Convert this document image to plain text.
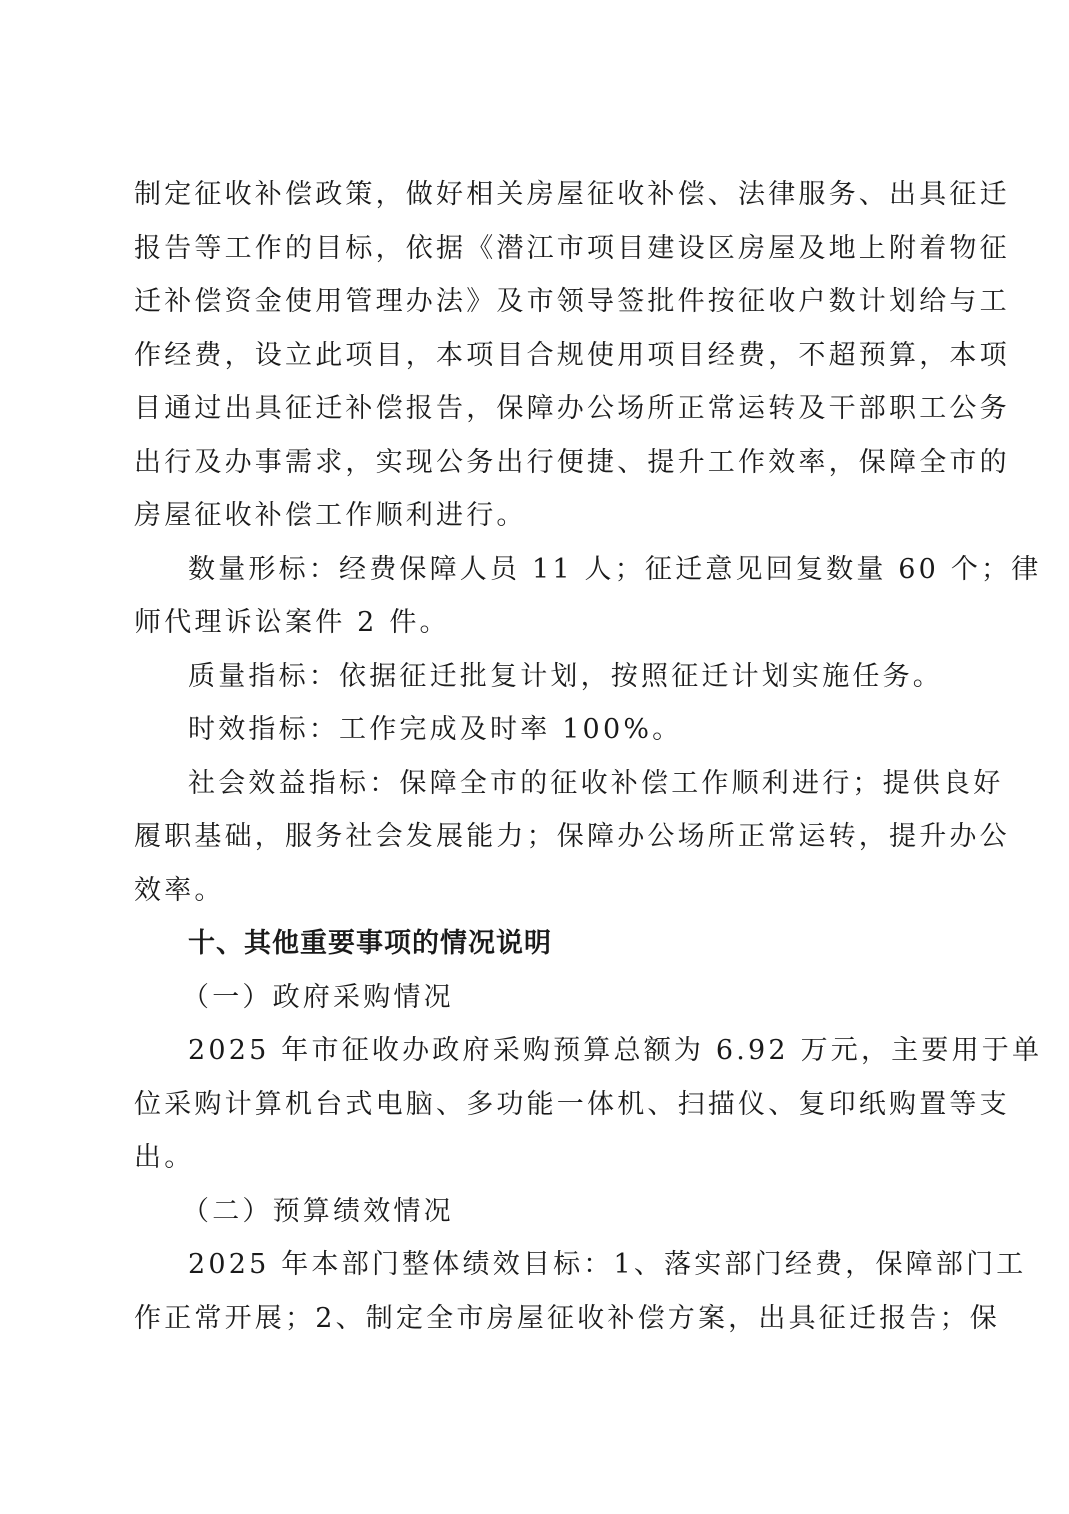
制定征收补偿政策，做好相关房屋征收补偿、法律服务、出具征迁
报告等工作的目标，依据《潜江市项目建设区房屋及地上附着物征
迁补偿资金使用管理办法》及市领导签批件按征收户数计划给与工
作经费，设立此项目，本项目合规使用项目经费，不超预算，本项
目通过出具征迁补偿报告，保障办公场所正常运转及干部职工公务
出行及办事需求，实现公务出行便捷、提升工作效率，保障全市的
房屋征收补偿工作顺利进行。
数量形标：经费保障人员 11 人；征迁意见回复数量 60 个；律
师代理诉讼案件 2 件。
质量指标：依据征迁批复计划，按照征迁计划实施任务。
时效指标：工作完成及时率 100%。
社会效益指标：保障全市的征收补偿工作顺利进行；提供良好
履职基础，服务社会发展能力；保障办公场所正常运转，提升办公
效率。
十、其他重要事项的情况说明
（一）政府采购情况
2025 年市征收办政府采购预算总额为 6.92 万元，主要用于单
位采购计算机台式电脑、多功能一体机、扫描仪、复印纸购置等支
出。
（二）预算绩效情况
2025 年本部门整体绩效目标：1、落实部门经费，保障部门工
作正常开展；2、制定全市房屋征收补偿方案，出具征迁报告；保
